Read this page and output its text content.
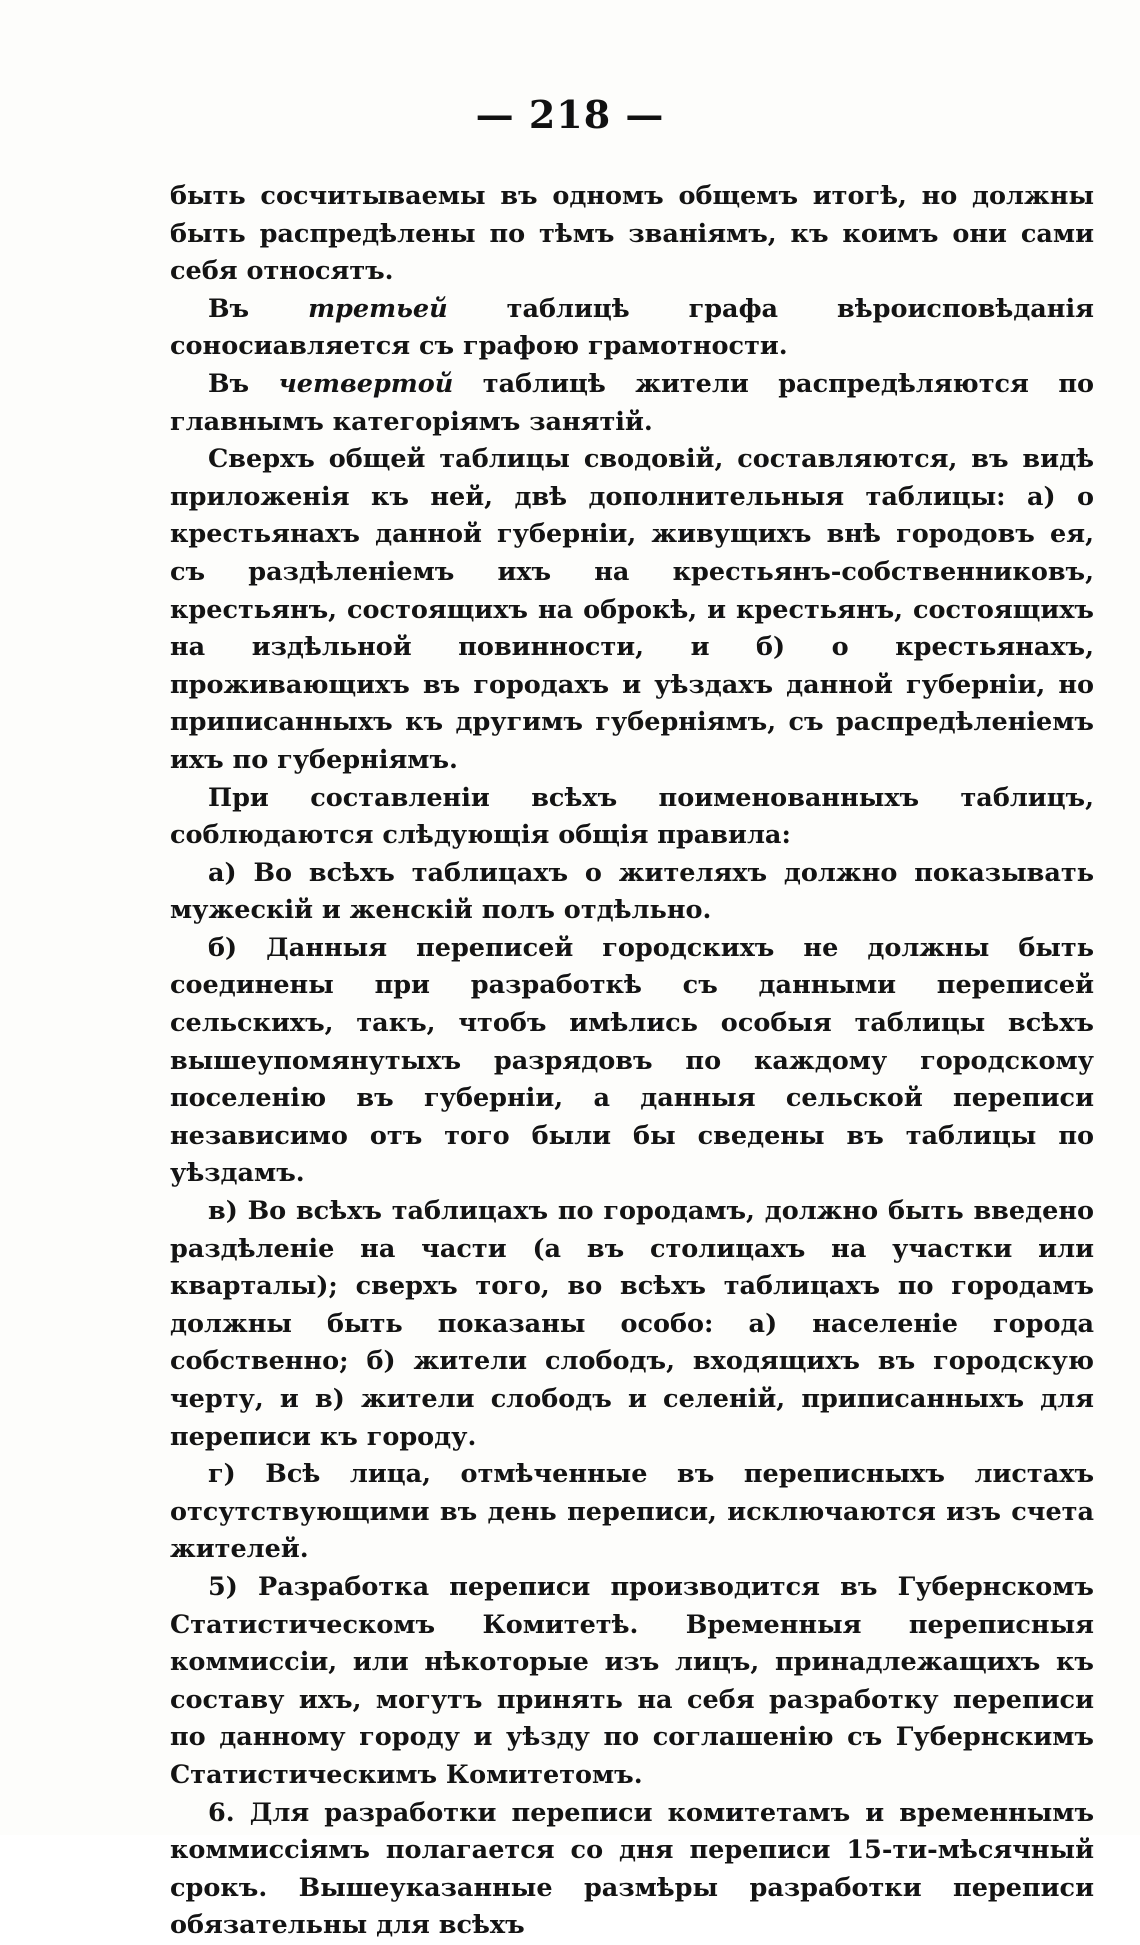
— 218 —

быть сосчитываемы въ одномъ общемъ итогѣ, но должны быть распредѣлены по тѣмъ званіямъ, къ коимъ они сами себя относятъ.

Въ третьей таблицѣ графа вѣроисповѣданія соносиавляется съ графою грамотности.

Въ четвертой таблицѣ жители распредѣляются по главнымъ категоріямъ занятій.

Сверхъ общей таблицы сводовій, составляются, въ видѣ приложенія къ ней, двѣ дополнительныя таблицы: а) о крестьянахъ данной губерніи, живущихъ внѣ городовъ ея, съ раздѣленіемъ ихъ на крестьянъ-собственниковъ, крестьянъ, состоящихъ на оброкѣ, и крестьянъ, состоящихъ на издѣльной повинности, и б) о крестьянахъ, проживающихъ въ городахъ и уѣздахъ данной губерніи, но приписанныхъ къ другимъ губерніямъ, съ распредѣленіемъ ихъ по губерніямъ.

При составленіи всѣхъ поименованныхъ таблицъ, соблюдаются слѣдующія общія правила:

а) Во всѣхъ таблицахъ о жителяхъ должно показывать мужескій и женскій полъ отдѣльно.

б) Данныя переписей городскихъ не должны быть соединены при разработкѣ съ данными переписей сельскихъ, такъ, чтобъ имѣлись особыя таблицы всѣхъ вышеупомянутыхъ разрядовъ по каждому городскому поселенію въ губерніи, а данныя сельской переписи независимо отъ того были бы сведены въ таблицы по уѣздамъ.

в) Во всѣхъ таблицахъ по городамъ, должно быть введено раздѣленіе на части (а въ столицахъ на участки или кварталы); сверхъ того, во всѣхъ таблицахъ по городамъ должны быть показаны особо: а) населеніе города собственно; б) жители слободъ, входящихъ въ городскую черту, и в) жители слободъ и селеній, приписанныхъ для переписи къ городу.

г) Всѣ лица, отмѣченные въ переписныхъ листахъ отсутствующими въ день переписи, исключаются изъ счета жителей.

5) Разработка переписи производится въ Губернскомъ Статистическомъ Комитетѣ. Временныя переписныя коммиссіи, или нѣкоторые изъ лицъ, принадлежащихъ къ составу ихъ, могутъ принять на себя разработку переписи по данному городу и уѣзду по соглашенію съ Губернскимъ Статистическимъ Комитетомъ.

6. Для разработки переписи комитетамъ и временнымъ коммиссіямъ полагается со дня переписи 15-ти-мѣсячный срокъ. Вышеуказанные размѣры разработки переписи обязательны для всѣхъ
